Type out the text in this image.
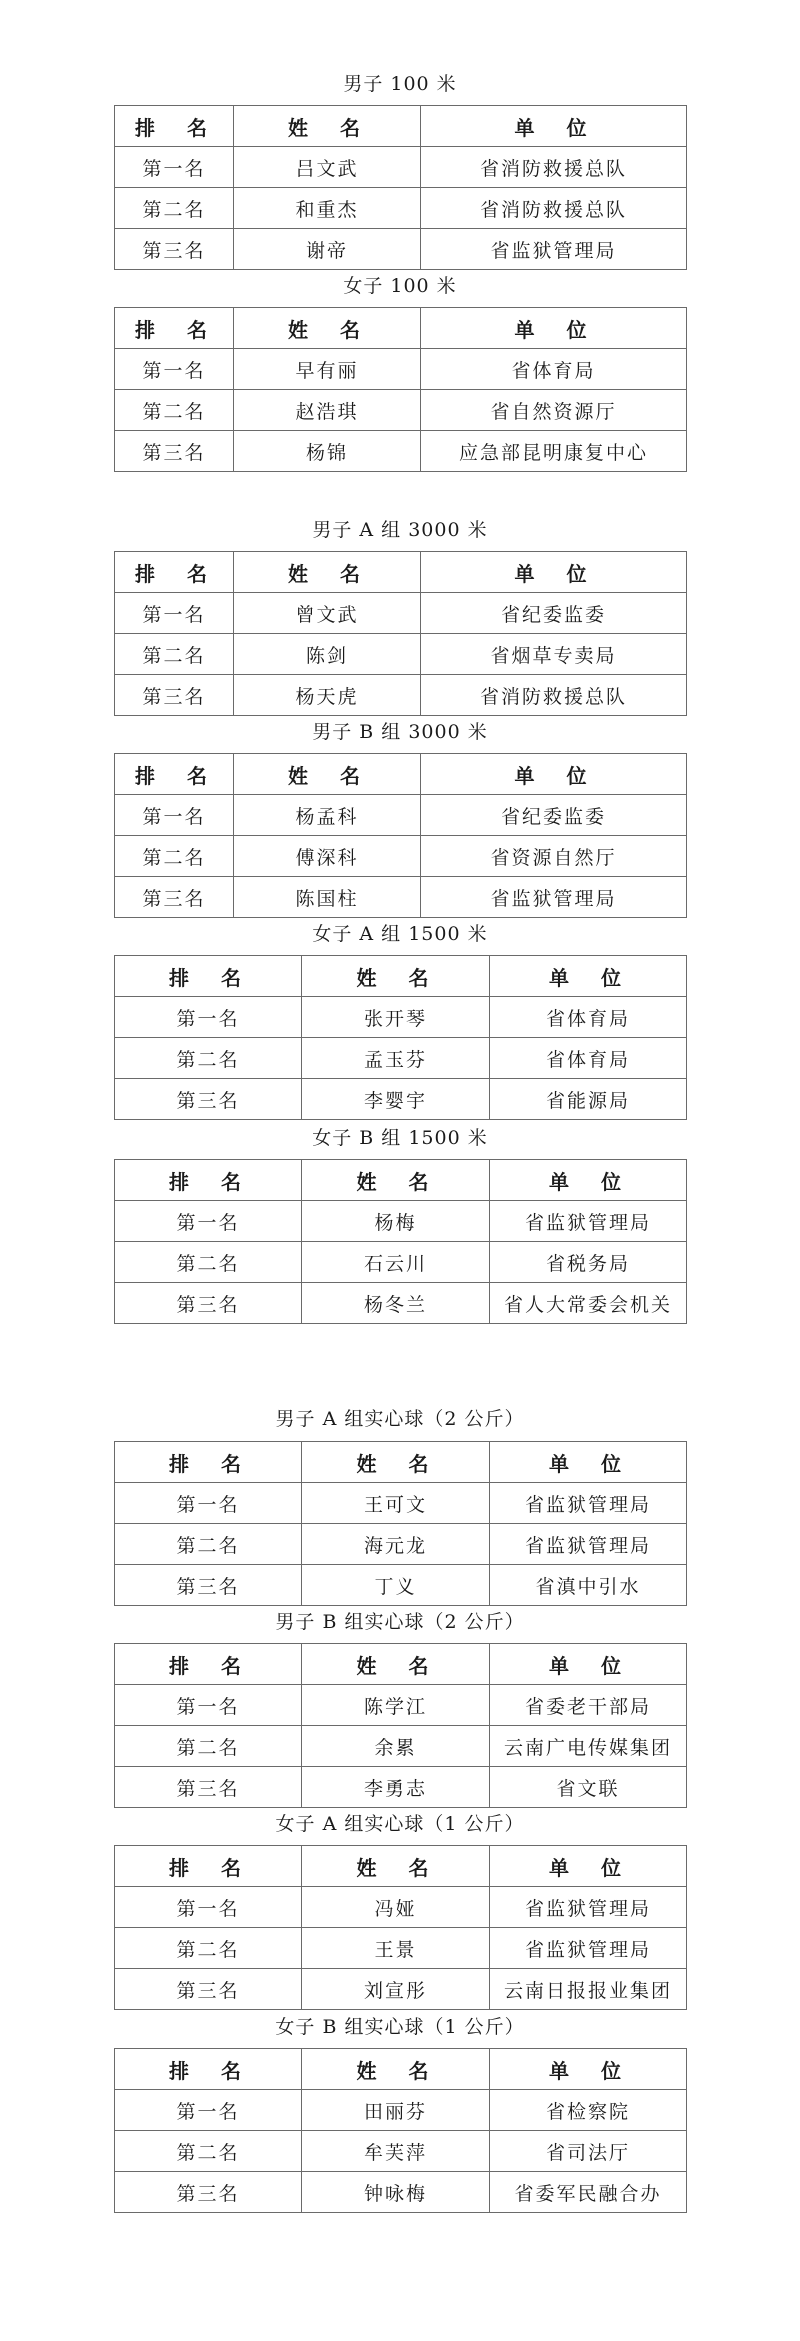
男子 100 米
排　名	姓　名	单　位
第一名	吕文武	省消防救援总队
第二名	和重杰	省消防救援总队
第三名	谢帝	省监狱管理局
女子 100 米
排　名	姓　名	单　位
第一名	早有丽	省体育局
第二名	赵浩琪	省自然资源厅
第三名	杨锦	应急部昆明康复中心
男子 A 组 3000 米
排　名	姓　名	单　位
第一名	曾文武	省纪委监委
第二名	陈剑	省烟草专卖局
第三名	杨天虎	省消防救援总队
男子 B 组 3000 米
排　名	姓　名	单　位
第一名	杨孟科	省纪委监委
第二名	傅深科	省资源自然厅
第三名	陈国柱	省监狱管理局
女子 A 组 1500 米
排　名	姓　名	单　位
第一名	张开琴	省体育局
第二名	孟玉芬	省体育局
第三名	李婴宇	省能源局
女子 B 组 1500 米
排　名	姓　名	单　位
第一名	杨梅	省监狱管理局
第二名	石云川	省税务局
第三名	杨冬兰	省人大常委会机关
男子 A 组实心球（2 公斤）
排　名	姓　名	单　位
第一名	王可文	省监狱管理局
第二名	海元龙	省监狱管理局
第三名	丁义	省滇中引水
男子 B 组实心球（2 公斤）
排　名	姓　名	单　位
第一名	陈学江	省委老干部局
第二名	余累	云南广电传媒集团
第三名	李勇志	省文联
女子 A 组实心球（1 公斤）
排　名	姓　名	单　位
第一名	冯娅	省监狱管理局
第二名	王景	省监狱管理局
第三名	刘宣彤	云南日报报业集团
女子 B 组实心球（1 公斤）
排　名	姓　名	单　位
第一名	田丽芬	省检察院
第二名	牟芙萍	省司法厅
第三名	钟咏梅	省委军民融合办
